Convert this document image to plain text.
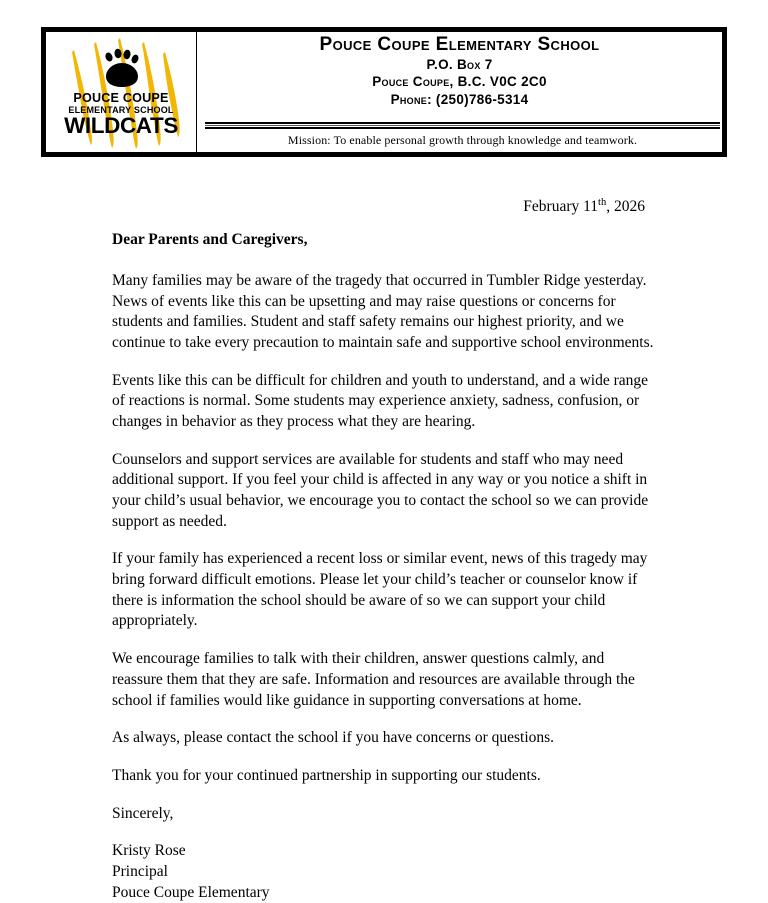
POUCE COUPE
ELEMENTARY SCHOOL
WILDCATS
Pouce Coupe Elementary School
P.O. Box 7
Pouce Coupe, B.C. V0C 2C0
Phone: (250)786-5314
Mission: To enable personal growth through knowledge and teamwork.
February 11th, 2026

Dear Parents and Caregivers,

Many families may be aware of the tragedy that occurred in Tumbler Ridge yesterday. News of events like this can be upsetting and may raise questions or concerns for students and families. Student and staff safety remains our highest priority, and we continue to take every precaution to maintain safe and supportive school environments.

Events like this can be difficult for children and youth to understand, and a wide range of reactions is normal. Some students may experience anxiety, sadness, confusion, or changes in behavior as they process what they are hearing.

Counselors and support services are available for students and staff who may need additional support. If you feel your child is affected in any way or you notice a shift in your child’s usual behavior, we encourage you to contact the school so we can provide support as needed.

If your family has experienced a recent loss or similar event, news of this tragedy may bring forward difficult emotions. Please let your child’s teacher or counselor know if there is information the school should be aware of so we can support your child appropriately.

We encourage families to talk with their children, answer questions calmly, and reassure them that they are safe. Information and resources are available through the school if families would like guidance in supporting conversations at home.

As always, please contact the school if you have concerns or questions.

Thank you for your continued partnership in supporting our students.

Sincerely,

Kristy Rose

Principal

Pouce Coupe Elementary
